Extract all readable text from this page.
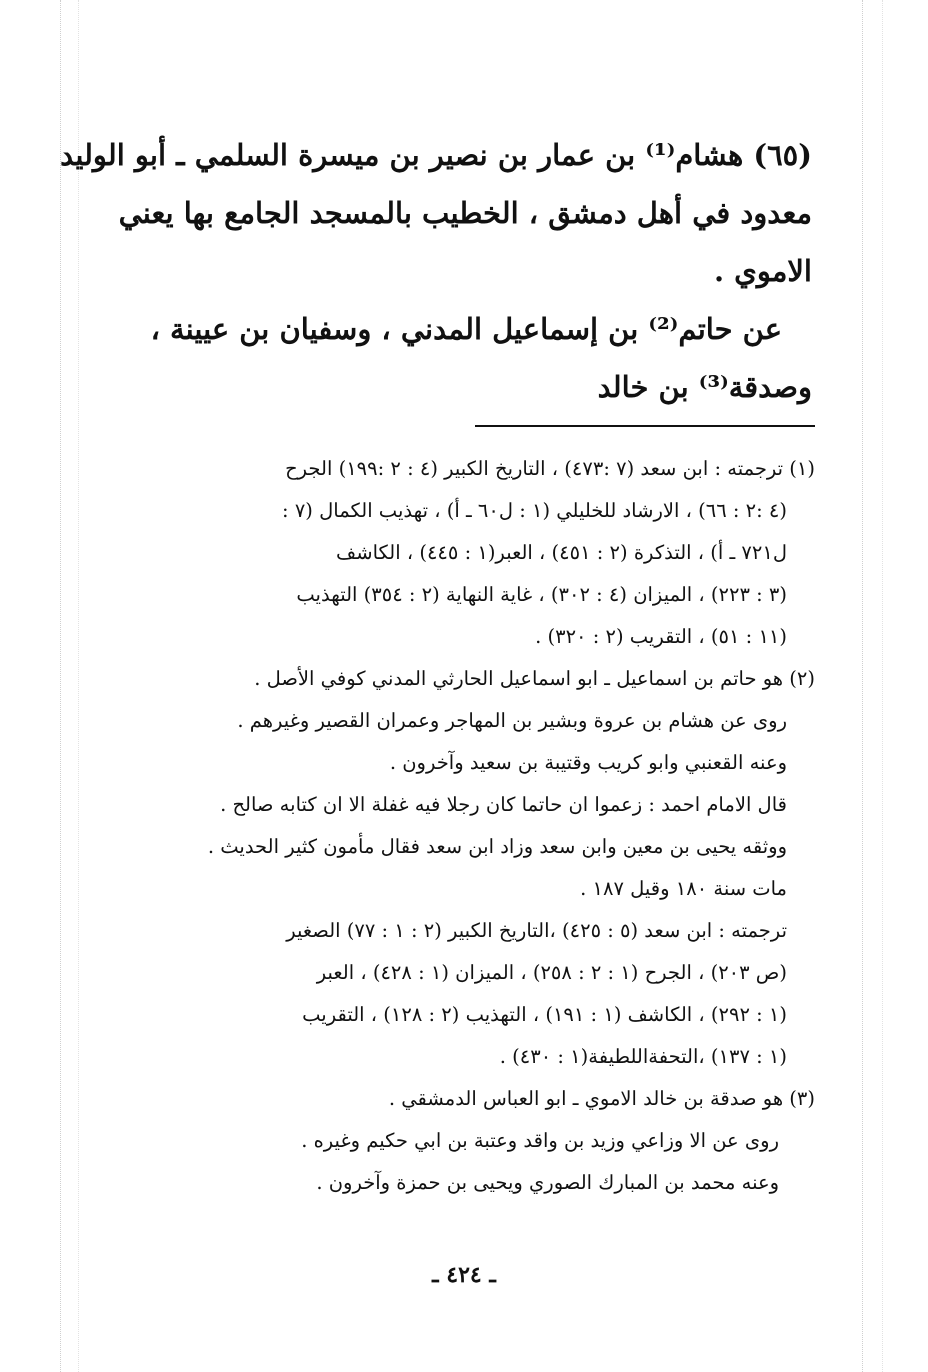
(٦٥) هشام⁽¹⁾ بن عمار بن نصير بن ميسرة السلمي ـ أبو الوليد
معدود في أهل دمشق ، الخطيب بالمسجد الجامع بها يعني
الاموي .
عن حاتم⁽²⁾ بن إسماعيل المدني ، وسفيان بن عيينة ،
وصدقة⁽³⁾ بن خالد
(١) ترجمته : ابن سعد (٧ :٤٧٣) ، التاريخ الكبير (٤ : ٢ :١٩٩) الجرح
(٤ :٢ : ٦٦) ، الارشاد للخليلي (١ : ل٦٠ ـ أ) ، تهذيب الكمال (٧ :
ل٧٢١ ـ أ) ، التذكرة (٢ : ٤٥١) ، العبر(١ : ٤٤٥) ، الكاشف
(٣ : ٢٢٣) ، الميزان (٤ : ٣٠٢) ، غاية النهاية (٢ : ٣٥٤) التهذيب
(١١ : ٥١) ، التقريب (٢ : ٣٢٠) .
(٢) هو حاتم بن اسماعيل ـ ابو اسماعيل الحارثي المدني كوفي الأصل .
روى عن هشام بن عروة وبشير بن المهاجر وعمران القصير وغيرهم .
وعنه القعنبي وابو كريب وقتيبة بن سعيد وآخرون .
قال الامام احمد : زعموا ان حاتما كان رجلا فيه غفلة الا ان كتابه صالح .
ووثقه يحيى بن معين وابن سعد وزاد ابن سعد فقال مأمون كثير الحديث .
مات سنة ١٨٠ وقيل ١٨٧ .
ترجمته : ابن سعد (٥ : ٤٢٥) ،التاريخ الكبير (٢ : ١ : ٧٧) الصغير
(ص ٢٠٣) ، الجرح (١ : ٢ : ٢٥٨) ، الميزان (١ : ٤٢٨) ، العبر
(١ : ٢٩٢) ، الكاشف (١ : ١٩١) ، التهذيب (٢ : ١٢٨) ، التقريب
(١ : ١٣٧) ،التحفةاللطيفة(١ : ٤٣٠) .
(٣) هو صدقة بن خالد الاموي ـ ابو العباس الدمشقي .
روى عن الا وزاعي وزيد بن واقد وعتبة بن ابي حكيم وغيره .
وعنه محمد بن المبارك الصوري ويحيى بن حمزة وآخرون .
ـ ٤٢٤ ـ
